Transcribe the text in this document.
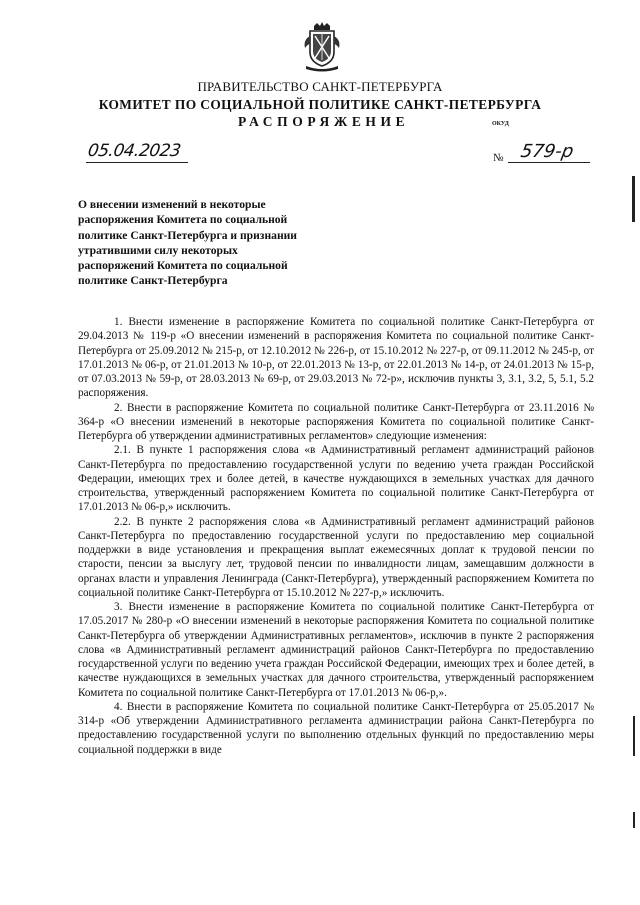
ПРАВИТЕЛЬСТВО САНКТ-ПЕТЕРБУРГА
КОМИТЕТ ПО СОЦИАЛЬНОЙ ПОЛИТИКЕ САНКТ-ПЕТЕРБУРГА
РАСПОРЯЖЕНИЕ	ОКУД
05.04.2023	№ 579-р
О внесении изменений в некоторые
распоряжения Комитета по социальной
политике Санкт-Петербурга и признании
утратившими силу некоторых
распоряжений Комитета по социальной
политике Санкт-Петербурга

1. Внести изменение в распоряжение Комитета по социальной политике Санкт-Петербурга от 29.04.2013 № 119-р «О внесении изменений в распоряжения Комитета по социальной политике Санкт-Петербурга от 25.09.2012 № 215-р, от 12.10.2012 № 226-р, от 15.10.2012 № 227-р, от 09.11.2012 № 245-р, от 17.01.2013 № 06-р, от 21.01.2013 № 10-р, от 22.01.2013 № 13-р, от 22.01.2013 № 14-р, от 24.01.2013 № 15-р, от 07.03.2013 № 59-р, от 28.03.2013 № 69-р, от 29.03.2013 № 72-р», исключив пункты 3, 3.1, 3.2, 5, 5.1, 5.2 распоряжения.

2. Внести в распоряжение Комитета по социальной политике Санкт-Петербурга от 23.11.2016 № 364-р «О внесении изменений в некоторые распоряжения Комитета по социальной политике Санкт-Петербурга об утверждении административных регламентов» следующие изменения:

2.1. В пункте 1 распоряжения слова «в Административный регламент администраций районов Санкт-Петербурга по предоставлению государственной услуги по ведению учета граждан Российской Федерации, имеющих трех и более детей, в качестве нуждающихся в земельных участках для дачного строительства, утвержденный распоряжением Комитета по социальной политике Санкт-Петербурга от 17.01.2013 № 06-р,» исключить.

2.2. В пункте 2 распоряжения слова «в Административный регламент администраций районов Санкт-Петербурга по предоставлению государственной услуги по предоставлению мер социальной поддержки в виде установления и прекращения выплат ежемесячных доплат к трудовой пенсии по старости, пенсии за выслугу лет, трудовой пенсии по инвалидности лицам, замещавшим должности в органах власти и управления Ленинграда (Санкт-Петербурга), утвержденный распоряжением Комитета по социальной политике Санкт-Петербурга от 15.10.2012 № 227-р,» исключить.

3. Внести изменение в распоряжение Комитета по социальной политике Санкт-Петербурга от 17.05.2017 № 280-р «О внесении изменений в некоторые распоряжения Комитета по социальной политике Санкт-Петербурга об утверждении Административных регламентов», исключив в пункте 2 распоряжения слова «в Административный регламент администраций районов Санкт-Петербурга по предоставлению государственной услуги по ведению учета граждан Российской Федерации, имеющих трех и более детей, в качестве нуждающихся в земельных участках для дачного строительства, утвержденный распоряжением Комитета по социальной политике Санкт-Петербурга от 17.01.2013 № 06-р,».

4. Внести в распоряжение Комитета по социальной политике Санкт-Петербурга от 25.05.2017 № 314-р «Об утверждении Административного регламента администрации района Санкт-Петербурга по предоставлению государственной услуги по выполнению отдельных функций по предоставлению меры социальной поддержки в виде
